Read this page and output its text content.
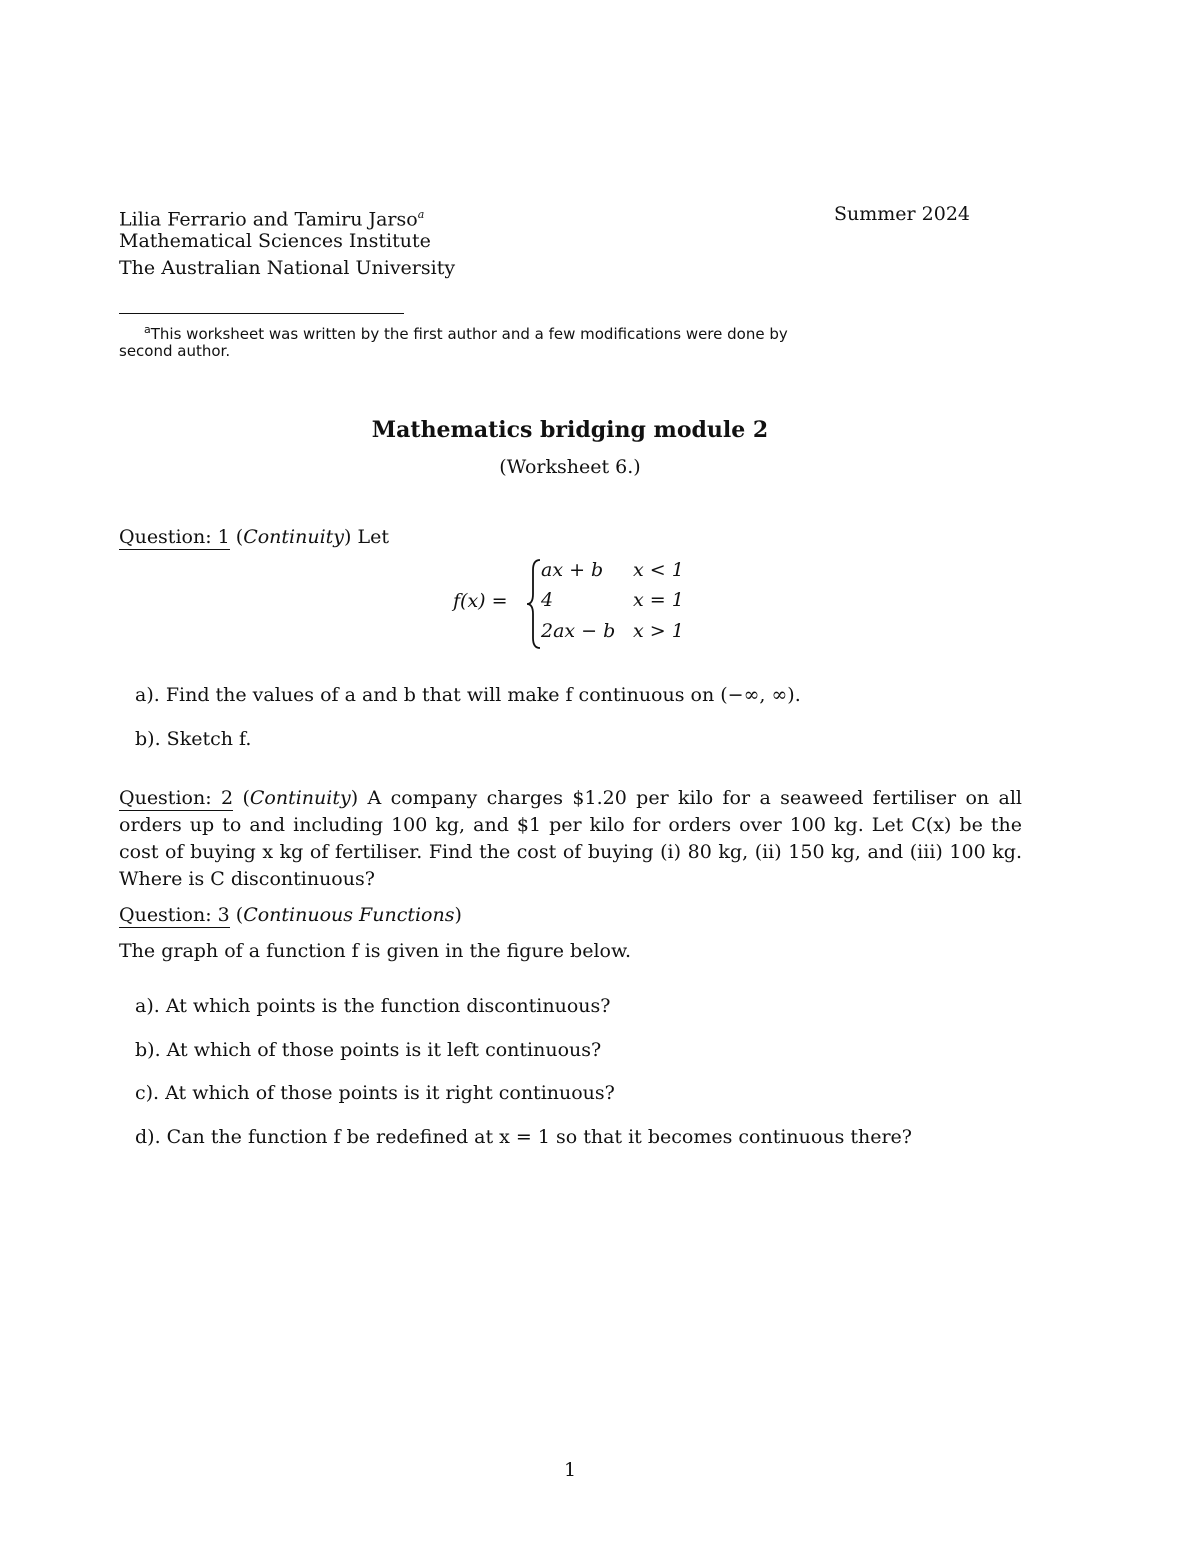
Lilia Ferrario and Tamiru Jarso$^a$	Summer 2024
Mathematical Sciences Institute
The Australian National University
$^a$This worksheet was written by the first author and a few modifications were done by
second author.
Mathematics bridging module 2
(Worksheet 6.)
Question: 1 (Continuity) Let
f(x) =
ax + b x < 1
4	x = 1
2ax − b x > 1
a). Find the values of a and b that will make f continuous on (−∞, ∞).
b). Sketch f.
Question: 2 (Continuity) A company charges $1.20 per kilo for a seaweed fertiliser on all orders up to and including 100 kg, and $1 per kilo for orders over 100 kg. Let C(x) be the cost of buying x kg of fertiliser. Find the cost of buying (i) 80 kg, (ii) 150 kg, and (iii) 100 kg. Where is C discontinuous?
Question: 3 (Continuous Functions)
The graph of a function f is given in the figure below.
a). At which points is the function discontinuous?
b). At which of those points is it left continuous?
c). At which of those points is it right continuous?
d). Can the function f be redefined at x = 1 so that it becomes continuous there?
1
